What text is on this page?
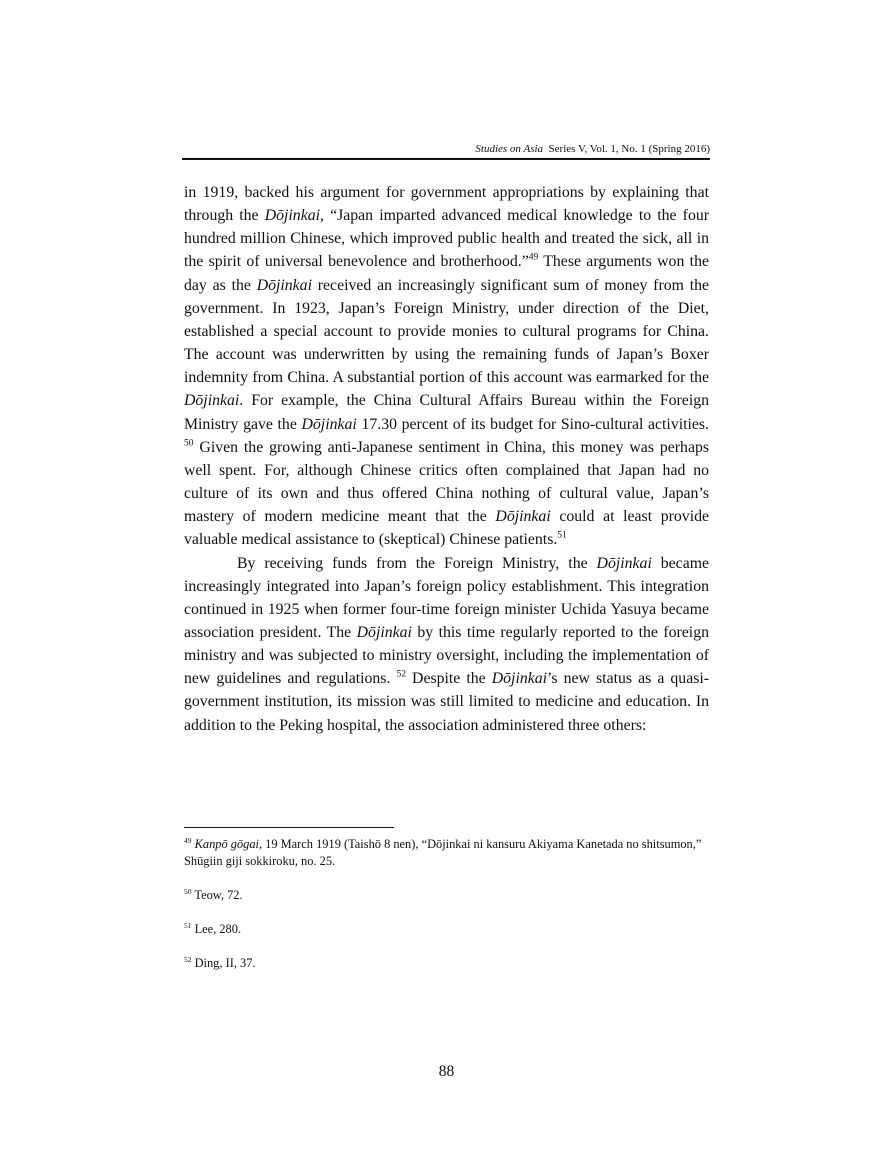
Studies on Asia Series V, Vol. 1, No. 1 (Spring 2016)

in 1919, backed his argument for government appropriations by explaining that through the Dōjinkai, “Japan imparted advanced medical knowledge to the four hundred million Chinese, which improved public health and treated the sick, all in the spirit of universal benevolence and brotherhood.”$^{49}$ These arguments won the day as the Dōjinkai received an increasingly significant sum of money from the government. In 1923, Japan’s Foreign Ministry, under direction of the Diet, established a special account to provide monies to cultural programs for China. The account was underwritten by using the remaining funds of Japan’s Boxer indemnity from China. A substantial portion of this account was earmarked for the Dōjinkai. For example, the China Cultural Affairs Bureau within the Foreign Ministry gave the Dōjinkai 17.30 percent of its budget for Sino-cultural activities. $^{50}$ Given the growing anti-Japanese sentiment in China, this money was perhaps well spent. For, although Chinese critics often complained that Japan had no culture of its own and thus offered China nothing of cultural value, Japan’s mastery of modern medicine meant that the Dōjinkai could at least provide valuable medical assistance to (skeptical) Chinese patients.$^{51}$

By receiving funds from the Foreign Ministry, the Dōjinkai became increasingly integrated into Japan’s foreign policy establishment. This integration continued in 1925 when former four-time foreign minister Uchida Yasuya became association president. The Dōjinkai by this time regularly reported to the foreign ministry and was subjected to ministry oversight, including the implementation of new guidelines and regulations. $^{52}$ Despite the Dōjinkai’s new status as a quasi-government institution, its mission was still limited to medicine and education. In addition to the Peking hospital, the association administered three others:

$^{49}$ Kanpō gōgai, 19 March 1919 (Taishō 8 nen), “Dōjinkai ni kansuru Akiyama Kanetada no shitsumon,” Shūgiin giji sokkiroku, no. 25.

$^{50}$ Teow, 72.

$^{51}$ Lee, 280.

$^{52}$ Ding, II, 37.

88
